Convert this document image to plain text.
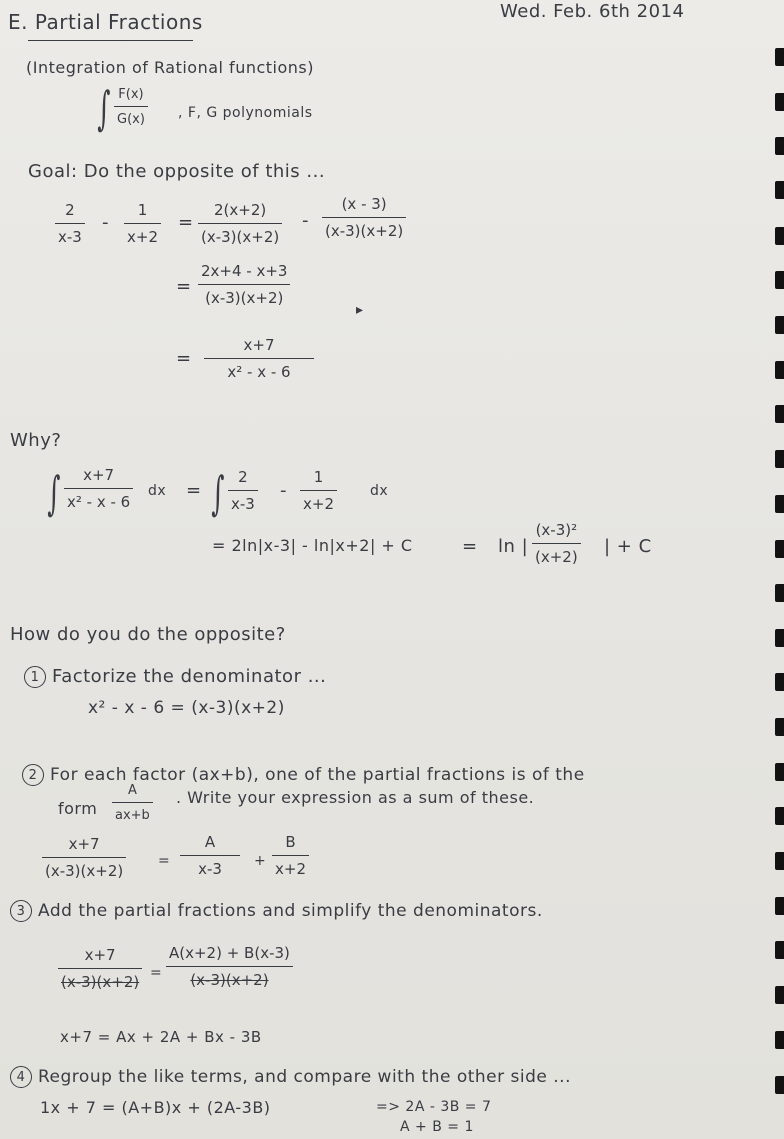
E. Partial Fractions	Wed. Feb. 6th 2014
(Integration of Rational functions)
∫ F(x)
G(x) , F, G polynomials
Goal: Do the opposite of this ...
2
x-3
-
1
x+2
=
2(x+2)
(x-3)(x+2)
-
(x - 3)
(x-3)(x+2)
=
2x+4 - x+3
(x-3)(x+2)
▸
=
x+7
x² - x - 6
Why?
∫ x+7
x² - x - 6
dx = ∫ 2
x-3
-
1
x+2
dx
= 2ln|x-3| - ln|x+2| + C	= ln |
(x-3)²
(x+2) | + C
How do you do the opposite?
1 Factorize the denominator ...
x² - x - 6 = (x-3)(x+2)
2 For each factor (ax+b), one of the partial fractions is of the
form
A
ax+b
. Write your expression as a sum of these.
x+7
(x-3)(x+2)
=
A
x-3 +
B
x+2
3 Add the partial fractions and simplify the denominators.
x+7
(x-3)(x+2) =
A(x+2) + B(x-3)
(x-3)(x+2)
x+7 = Ax + 2A + Bx - 3B
4 Regroup the like terms, and compare with the other side ...
1x + 7 = (A+B)x + (2A-3B)	=> 2A - 3B = 7
A + B = 1
